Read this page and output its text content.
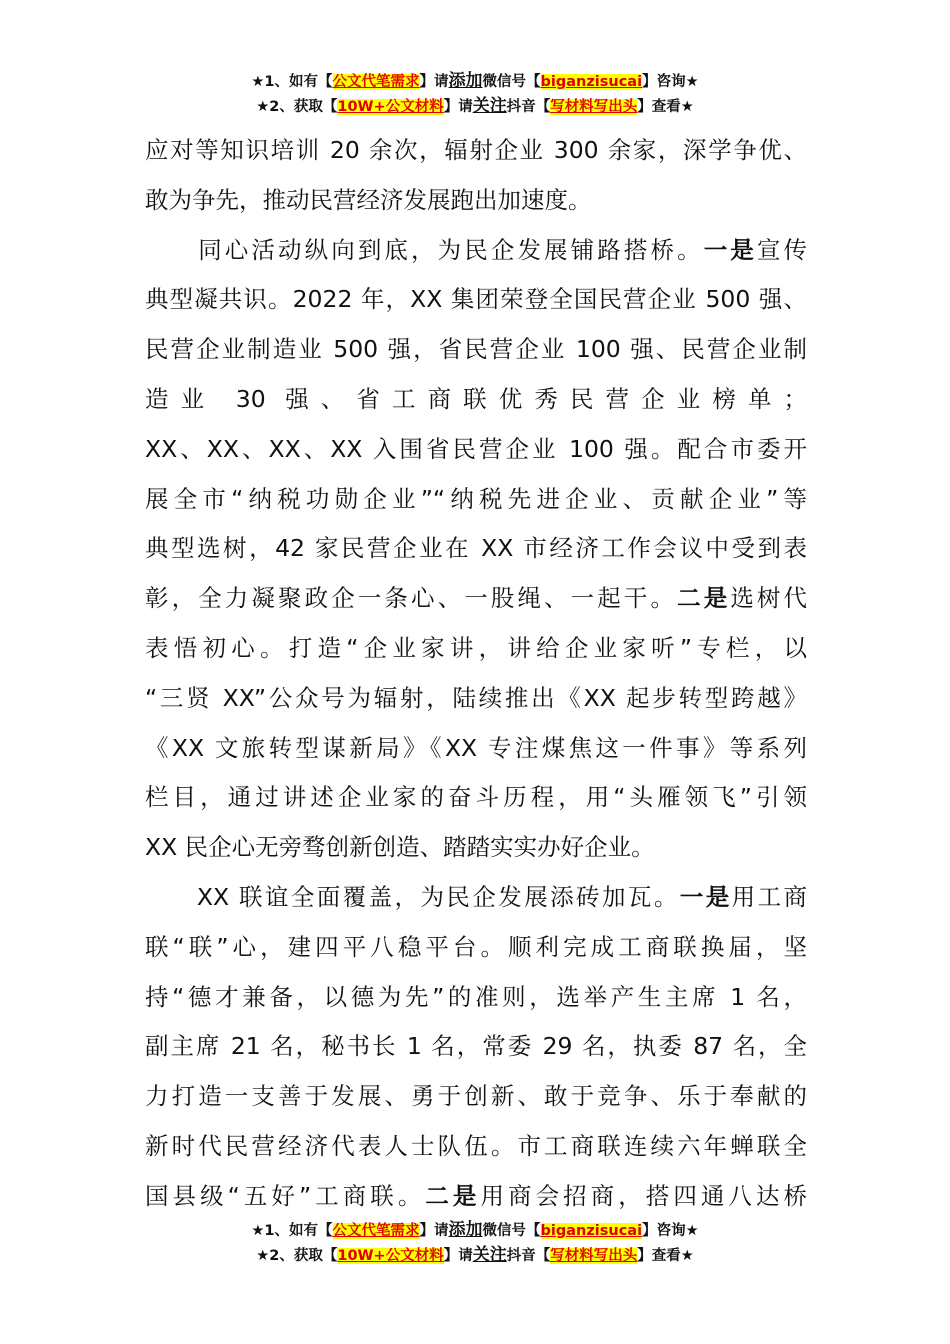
★1、如有【公文代笔需求】请添加微信号【biganzisucai】咨询★
★2、获取【10W+公文材料】请关注抖音【写材料写出头】查看★
应对等知识培训 20 余次，辐射企业 300 余家，深学争优、
敢为争先，推动民营经济发展跑出加速度。
　　同心活动纵向到底，为民企发展铺路搭桥。一是宣传
典型凝共识。2022 年，XX 集团荣登全国民营企业 500 强、
民营企业制造业 500 强，省民营企业 100 强、民营企业制
造业 30 强、省工商联优秀民营企业榜单；
XX、XX、XX、XX 入围省民营企业 100 强。配合市委开
展全市“纳税功勋企业”“纳税先进企业、贡献企业”等
典型选树，42 家民营企业在 XX 市经济工作会议中受到表
彰，全力凝聚政企一条心、一股绳、一起干。二是选树代
表悟初心。打造“企业家讲，讲给企业家听”专栏，以
“三贤 XX”公众号为辐射，陆续推出《XX 起步转型跨越》
《XX 文旅转型谋新局》《XX 专注煤焦这一件事》等系列
栏目，通过讲述企业家的奋斗历程，用“头雁领飞”引领
XX 民企心无旁骛创新创造、踏踏实实办好企业。
　　XX 联谊全面覆盖，为民企发展添砖加瓦。一是用工商
联“联”心，建四平八稳平台。顺利完成工商联换届，坚
持“德才兼备，以德为先”的准则，选举产生主席 1 名，
副主席 21 名，秘书长 1 名，常委 29 名，执委 87 名，全
力打造一支善于发展、勇于创新、敢于竞争、乐于奉献的
新时代民营经济代表人士队伍。市工商联连续六年蝉联全
国县级“五好”工商联。二是用商会招商，搭四通八达桥
★1、如有【公文代笔需求】请添加微信号【biganzisucai】咨询★
★2、获取【10W+公文材料】请关注抖音【写材料写出头】查看★
